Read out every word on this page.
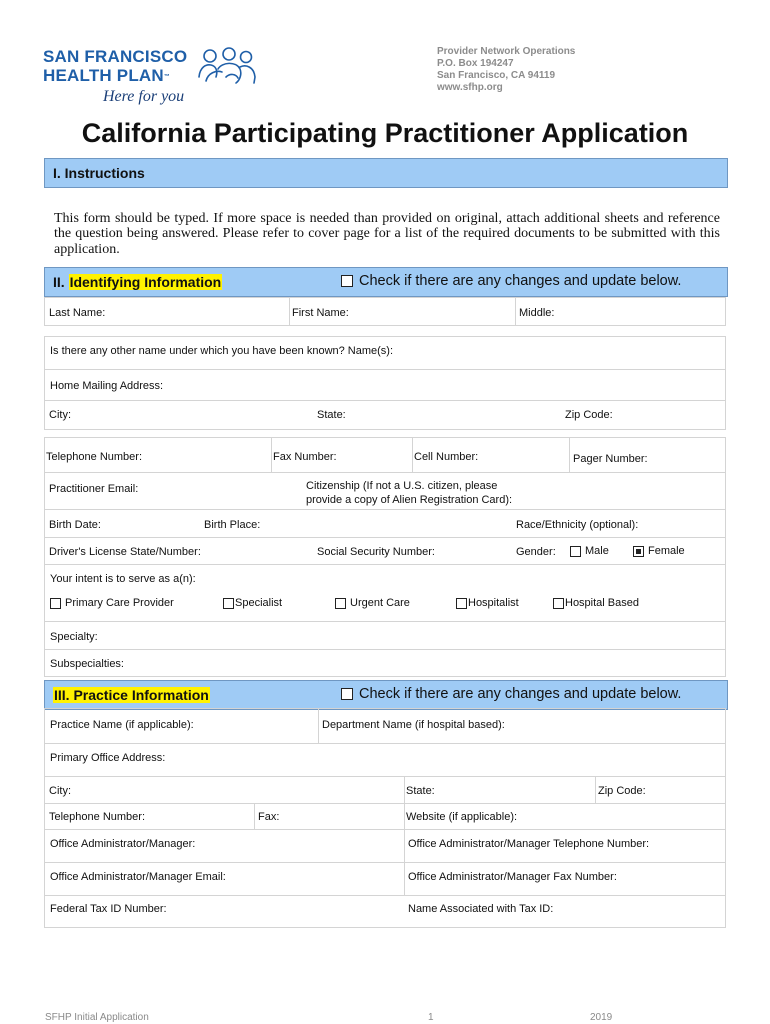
SAN FRANCISCO
HEALTH PLAN™
Here for you
Provider Network Operations
P.O. Box 194247
San Francisco, CA 94119
www.sfhp.org
California Participating Practitioner Application
I. Instructions
This form should be typed. If more space is needed than provided on original, attach additional sheets and reference the question being answered. Please refer to cover page for a list of the required documents to be submitted with this application.
II. Identifying Information	Check if there are any changes and update below.
Last Name:	First Name:	Middle:
Is there any other name under which you have been known? Name(s):
Home Mailing Address:
City:	State:	Zip Code:
Telephone Number:	Fax Number:	Cell Number:	Pager Number:
Practitioner Email:	Citizenship (If not a U.S. citizen, please
provide a copy of Alien Registration Card):
Birth Date:	Birth Place:	Race/Ethnicity (optional):
Driver's License State/Number:	Social Security Number:	Gender:	Male	Female
Your intent is to serve as a(n):
Primary Care Provider	Specialist	Urgent Care	Hospitalist	Hospital Based
Specialty:
Subspecialties:
III. Practice Information	Check if there are any changes and update below.
Practice Name (if applicable):	Department Name (if hospital based):
Primary Office Address:
City:	State:	Zip Code:
Telephone Number:	Fax:	Website (if applicable):
Office Administrator/Manager:	Office Administrator/Manager Telephone Number:
Office Administrator/Manager Email:	Office Administrator/Manager Fax Number:
Federal Tax ID Number:	Name Associated with Tax ID:
SFHP Initial Application	1	2019
